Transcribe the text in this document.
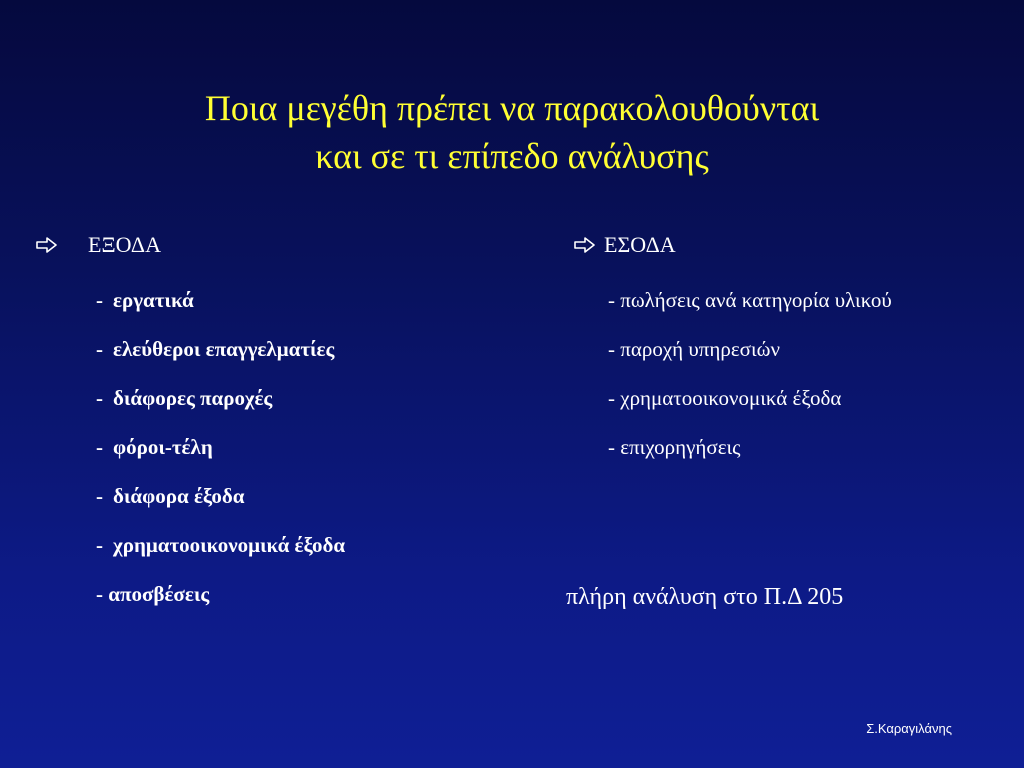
Ποια μεγέθη πρέπει να παρακολουθούνται
και σε τι επίπεδο ανάλυσης
ΕΞΟΔΑ
- εργατικά
- ελεύθεροι επαγγελματίες
- διάφορες παροχές
- φόροι-τέλη
- διάφορα έξοδα
- χρηματοοικονομικά έξοδα
- αποσβέσεις
ΕΣΟΔΑ
- πωλήσεις ανά κατηγορία υλικού
- παροχή υπηρεσιών
- χρηματοοικονομικά έξοδα
- επιχορηγήσεις
πλήρη ανάλυση στο Π.Δ 205
Σ.Καραγιλάνης
